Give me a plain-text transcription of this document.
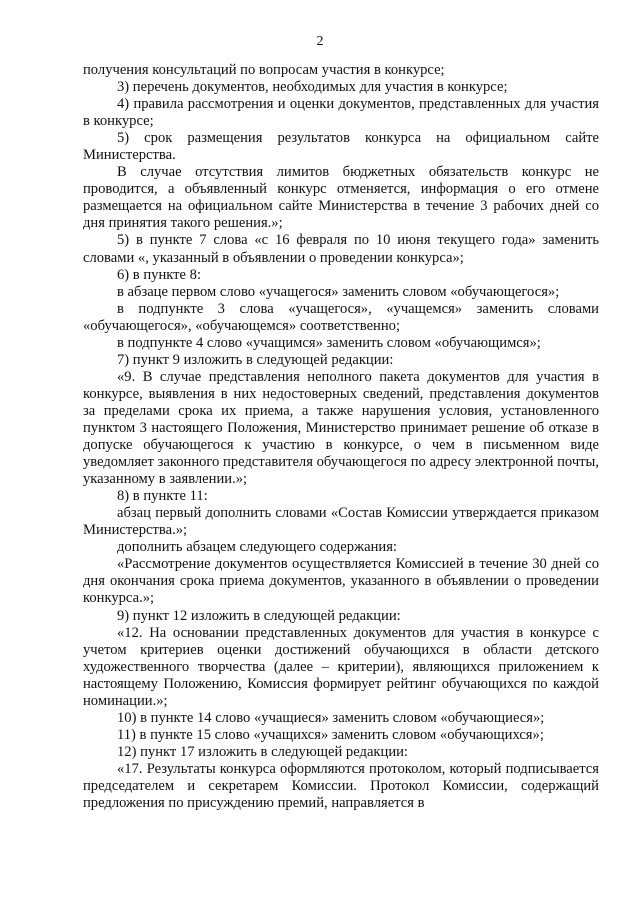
2

получения консультаций по вопросам участия в конкурсе;

3) перечень документов, необходимых для участия в конкурсе;

4) правила рассмотрения и оценки документов, представленных для участия в конкурсе;

5) срок размещения результатов конкурса на официальном сайте Министерства.

В случае отсутствия лимитов бюджетных обязательств конкурс не проводится, а объявленный конкурс отменяется, информация о его отмене размещается на официальном сайте Министерства в течение 3 рабочих дней со дня принятия такого решения.»;

5) в пункте 7 слова «с 16 февраля по 10 июня текущего года» заменить словами «, указанный в объявлении о проведении конкурса»;

6) в пункте 8:

в абзаце первом слово «учащегося» заменить словом «обучающегося»;

в подпункте 3 слова «учащегося», «учащемся» заменить словами «обучающегося», «обучающемся» соответственно;

в подпункте 4 слово «учащимся» заменить словом «обучающимся»;

7) пункт 9 изложить в следующей редакции:

«9. В случае представления неполного пакета документов для участия в конкурсе, выявления в них недостоверных сведений, представления документов за пределами срока их приема, а также нарушения условия, установленного пунктом 3 настоящего Положения, Министерство принимает решение об отказе в допуске обучающегося к участию в конкурсе, о чем в письменном виде уведомляет законного представителя обучающегося по адресу электронной почты, указанному в заявлении.»;

8) в пункте 11:

абзац первый дополнить словами «Состав Комиссии утверждается приказом Министерства.»;

дополнить абзацем следующего содержания:

«Рассмотрение документов осуществляется Комиссией в течение 30 дней со дня окончания срока приема документов, указанного в объявлении о проведении конкурса.»;

9) пункт 12 изложить в следующей редакции:

«12. На основании представленных документов для участия в конкурсе с учетом критериев оценки достижений обучающихся в области детского художественного творчества (далее – критерии), являющихся приложением к настоящему Положению, Комиссия формирует рейтинг обучающихся по каждой номинации.»;

10) в пункте 14 слово «учащиеся» заменить словом «обучающиеся»;

11) в пункте 15 слово «учащихся» заменить словом «обучающихся»;

12) пункт 17 изложить в следующей редакции:

«17. Результаты конкурса оформляются протоколом, который подписывается председателем и секретарем Комиссии. Протокол Комиссии, содержащий предложения по присуждению премий, направляется в
